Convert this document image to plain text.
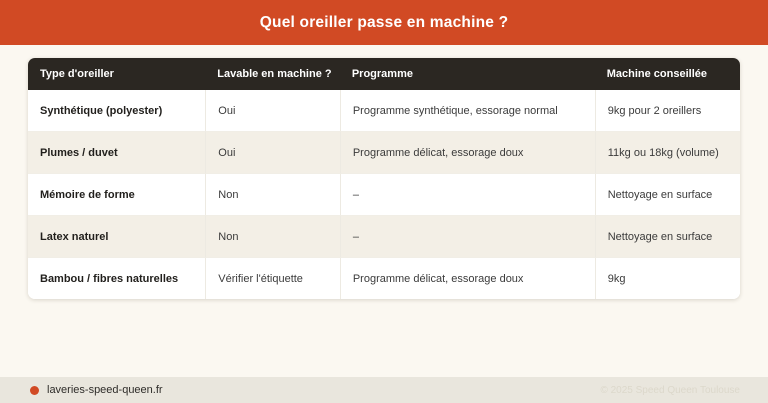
Quel oreiller passe en machine ?
Type d'oreiller	Lavable en machine ?	Programme	Machine conseillée
Synthétique (polyester)	Oui	Programme synthétique, essorage normal	9kg pour 2 oreillers
Plumes / duvet	Oui	Programme délicat, essorage doux	11kg ou 18kg (volume)
Mémoire de forme	Non	–	Nettoyage en surface
Latex naturel	Non	–	Nettoyage en surface
Bambou / fibres naturelles	Vérifier l'étiquette	Programme délicat, essorage doux	9kg
laveries-speed-queen.fr	© 2025 Speed Queen Toulouse
